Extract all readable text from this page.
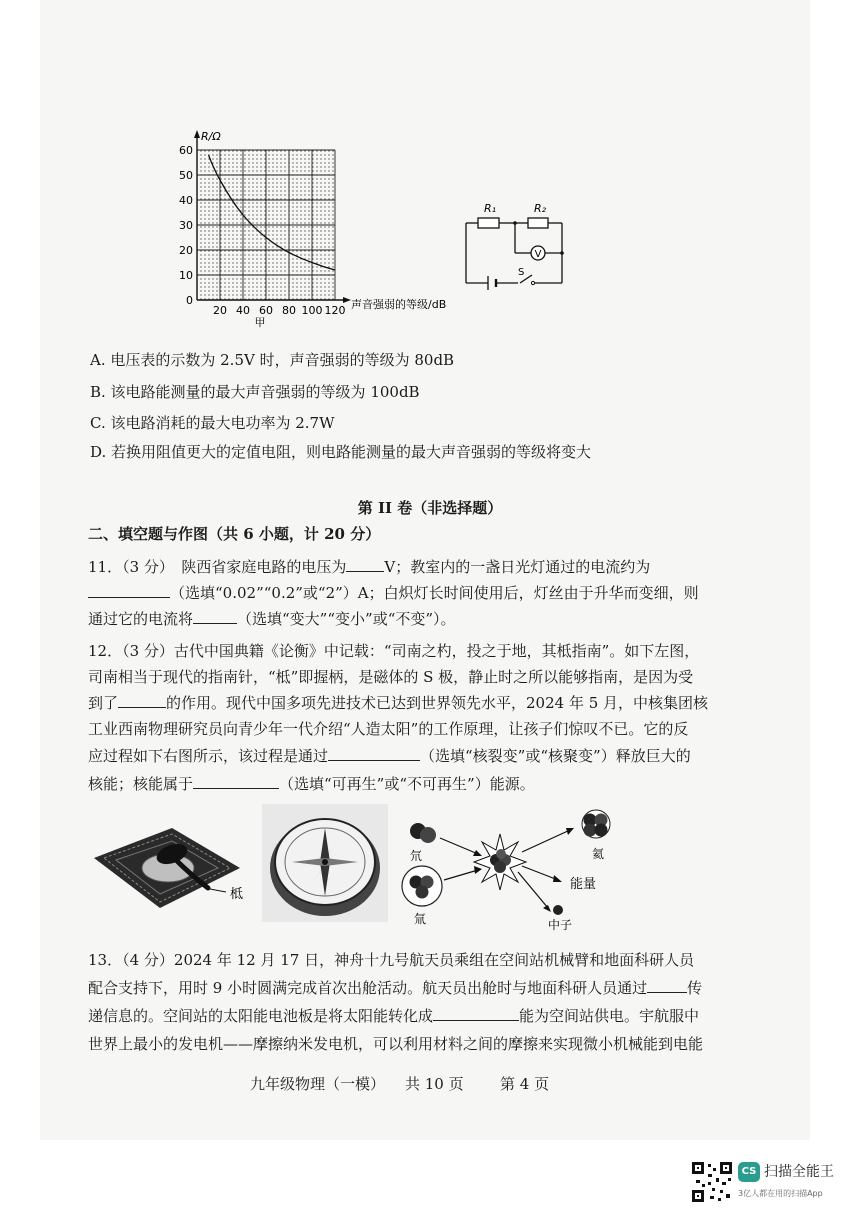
R/Ω
声音强弱的等级/dB
甲
0
10
20
30
40
50
60
20 40 60 80 100 120
R₁	R₂
V
S
A. 电压表的示数为 2.5V 时，声音强弱的等级为 80dB
B. 该电路能测量的最大声音强弱的等级为 100dB
C. 该电路消耗的最大电功率为 2.7W
D. 若换用阻值更大的定值电阻，则电路能测量的最大声音强弱的等级将变大
第 II 卷（非选择题）
二、填空题与作图（共 6 小题，计 20 分）
11．（3 分）　陕西省家庭电路的电压为	V；教室内的一盏日光灯通过的电流约为
（选填“0.02”“0.2”或“2”）A；白炽灯长时间使用后，灯丝由于升华而变细，则
通过它的电流将	（选填“变大”“变小”或“不变”）。
12．（3 分）古代中国典籍《论衡》中记载：“司南之杓，投之于地，其柢指南”。如下左图，
司南相当于现代的指南针，“柢”即握柄，是磁体的 S 极，静止时之所以能够指南，是因为受
到了	的作用。现代中国多项先进技术已达到世界领先水平，2024 年 5 月，中核集团核
工业西南物理研究员向青少年一代介绍“人造太阳”的工作原理，让孩子们惊叹不已。它的反
应过程如下右图所示，该过程是通过	（选填“核裂变”或“核聚变”）释放巨大的
核能；核能属于	（选填“可再生”或“不可再生”）能源。
柢
氘
氚
氦
能量
中子
13．（4 分）2024 年 12 月 17 日，神舟十九号航天员乘组在空间站机械臂和地面科研人员
配合支持下，用时 9 小时圆满完成首次出舱活动。航天员出舱时与地面科研人员通过	传
递信息的。空间站的太阳能电池板是将太阳能转化成	能为空间站供电。宇航服中
世界上最小的发电机——摩擦纳米发电机，可以利用材料之间的摩擦来实现微小机械能到电能
九年级物理（一模） 共 10 页 第 4 页
CS 扫描全能王
3亿人都在用的扫描App
